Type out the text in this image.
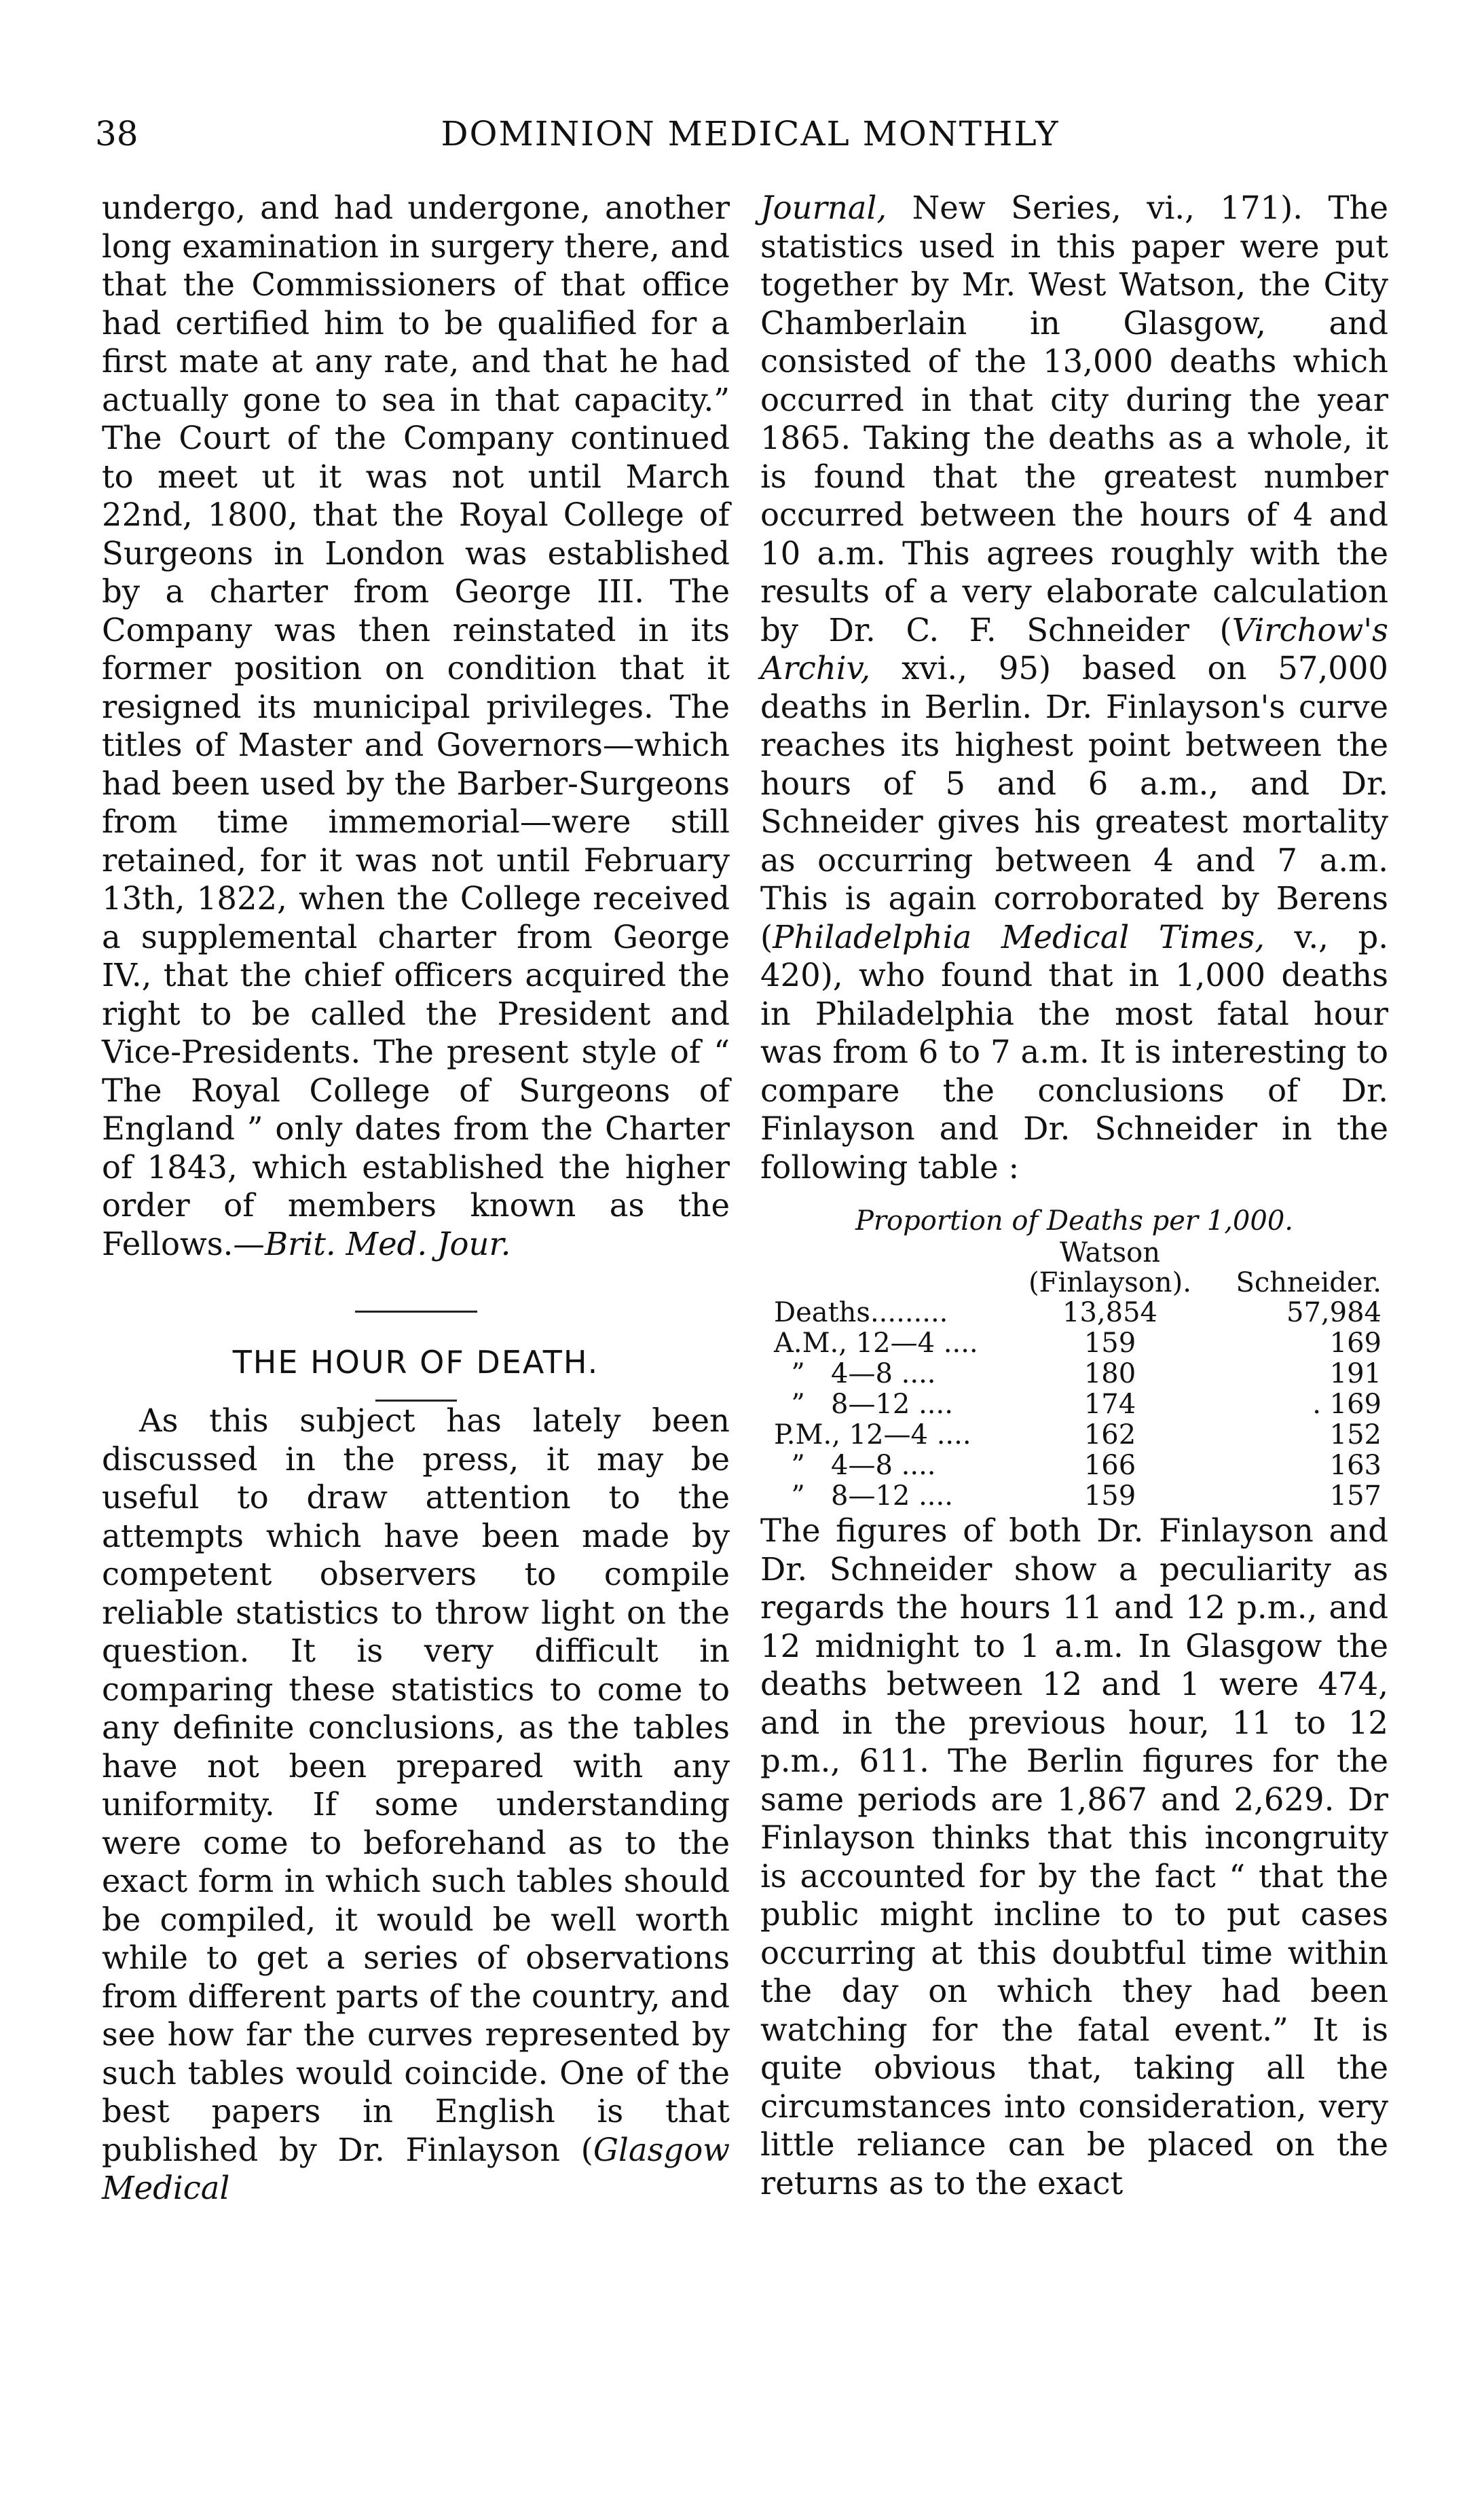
38	DOMINION MEDICAL MONTHLY

undergo, and had undergone, another long examination in surgery there, and that the Commissioners of that office had certified him to be qualified for a first mate at any rate, and that he had actually gone to sea in that capacity.” The Court of the Company continued to meet ut it was not until March 22nd, 1800, that the Royal College of Surgeons in London was established by a charter from George III. The Company was then reinstated in its former position on condition that it resigned its municipal privileges. The titles of Master and Governors—which had been used by the Barber-Surgeons from time immemorial—were still retained, for it was not until February 13th, 1822, when the College received a supplemental charter from George IV., that the chief officers acquired the right to be called the President and Vice-Presidents. The present style of “ The Royal College of Surgeons of England ” only dates from the Charter of 1843, which established the higher order of members known as the Fellows.—Brit. Med. Jour.

THE HOUR OF DEATH.

As this subject has lately been discussed in the press, it may be useful to draw attention to the attempts which have been made by competent observers to compile reliable statistics to throw light on the question. It is very difficult in comparing these statistics to come to any definite conclusions, as the tables have not been prepared with any uniformity. If some understanding were come to beforehand as to the exact form in which such tables should be compiled, it would be well worth while to get a series of observations from different parts of the country, and see how far the curves represented by such tables would coincide. One of the best papers in English is that published by Dr. Finlayson (Glasgow Medical

Journal, New Series, vi., 171). The statistics used in this paper were put together by Mr. West Watson, the City Chamberlain in Glasgow, and consisted of the 13,000 deaths which occurred in that city during the year 1865. Taking the deaths as a whole, it is found that the greatest number occurred between the hours of 4 and 10 a.m. This agrees roughly with the results of a very elaborate calculation by Dr. C. F. Schneider (Virchow's Archiv, xvi., 95) based on 57,000 deaths in Berlin. Dr. Finlayson's curve reaches its highest point between the hours of 5 and 6 a.m., and Dr. Schneider gives his greatest mortality as occurring between 4 and 7 a.m. This is again corroborated by Berens (Philadelphia Medical Times, v., p. 420), who found that in 1,000 deaths in Philadelphia the most fatal hour was from 6 to 7 a.m. It is interesting to compare the conclusions of Dr. Finlayson and Dr. Schneider in the following table :

Proportion of Deaths per 1,000.

	Watson
(Finlayson).	Schneider.
Deaths.........	13,854	57,984
A.M., 12—4 ....	159	169
”   4—8 ....	180	191
”   8—12 ....	174	. 169
P.M., 12—4 ....	162	152
”   4—8 ....	166	163
”   8—12 ....	159	157

The figures of both Dr. Finlayson and Dr. Schneider show a peculiarity as regards the hours 11 and 12 p.m., and 12 midnight to 1 a.m. In Glasgow the deaths between 12 and 1 were 474, and in the previous hour, 11 to 12 p.m., 611. The Berlin figures for the same periods are 1,867 and 2,629. Dr Finlayson thinks that this incongruity is accounted for by the fact “ that the public might incline to to put cases occurring at this doubtful time within the day on which they had been watching for the fatal event.” It is quite obvious that, taking all the circumstances into consideration, very little reliance can be placed on the returns as to the exact
